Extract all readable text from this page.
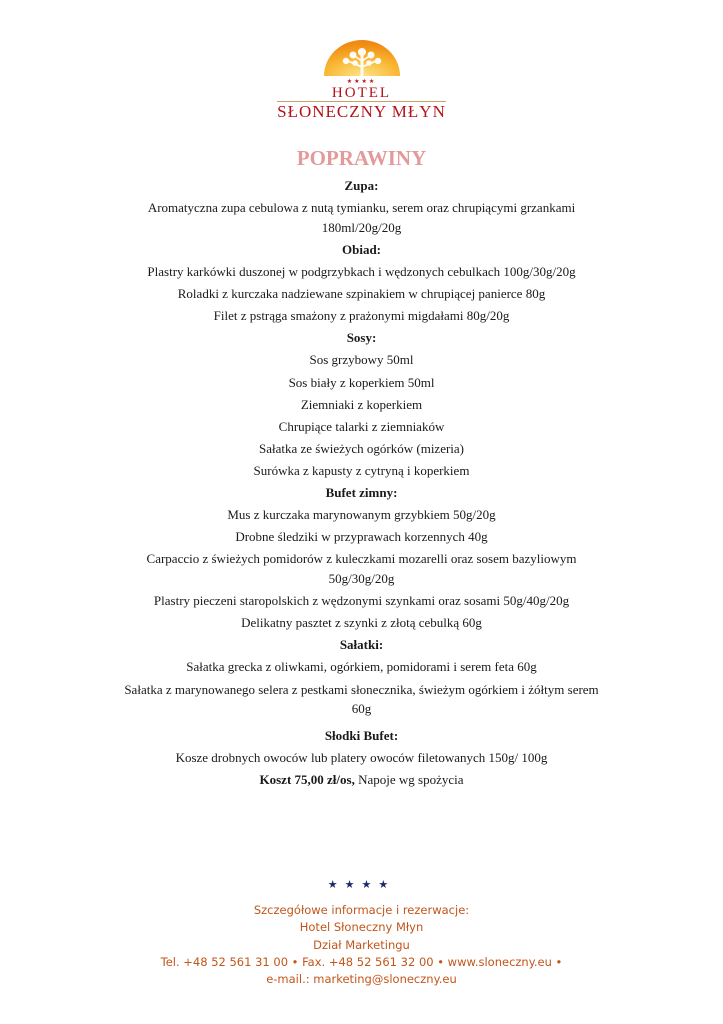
★★★★
HOTEL
SŁONECZNY MŁYN
POPRAWINY
Zupa:
Aromatyczna zupa cebulowa z nutą tymianku, serem oraz chrupiącymi grzankami
180ml/20g/20g
Obiad:
Plastry karkówki duszonej w podgrzybkach i wędzonych cebulkach 100g/30g/20g
Roladki z kurczaka nadziewane szpinakiem w chrupiącej panierce 80g
Filet z pstrąga smażony z prażonymi migdałami 80g/20g
Sosy:
Sos grzybowy 50ml
Sos biały z koperkiem 50ml
Ziemniaki z koperkiem
Chrupiące talarki z ziemniaków
Sałatka ze świeżych ogórków (mizeria)
Surówka z kapusty z cytryną i koperkiem
Bufet zimny:
Mus z kurczaka marynowanym grzybkiem 50g/20g
Drobne śledziki w przyprawach korzennych 40g
Carpaccio z świeżych pomidorów z kuleczkami mozarelli oraz sosem bazyliowym
50g/30g/20g
Plastry pieczeni staropolskich z wędzonymi szynkami oraz sosami 50g/40g/20g
Delikatny pasztet z szynki z złotą cebulką 60g
Sałatki:
Sałatka grecka z oliwkami, ogórkiem, pomidorami i serem feta 60g
Sałatka z marynowanego selera z pestkami słonecznika, świeżym ogórkiem i żółtym serem
60g
Słodki Bufet:
Kosze drobnych owoców lub platery owoców filetowanych 150g/ 100g
Koszt 75,00 zł/os, Napoje wg spożycia
★★★★
Szczegółowe informacje i rezerwacje:
Hotel Słoneczny Młyn
Dział Marketingu
Tel. +48 52 561 31 00 • Fax. +48 52 561 32 00 • www.sloneczny.eu •
e-mail.: marketing@sloneczny.eu
